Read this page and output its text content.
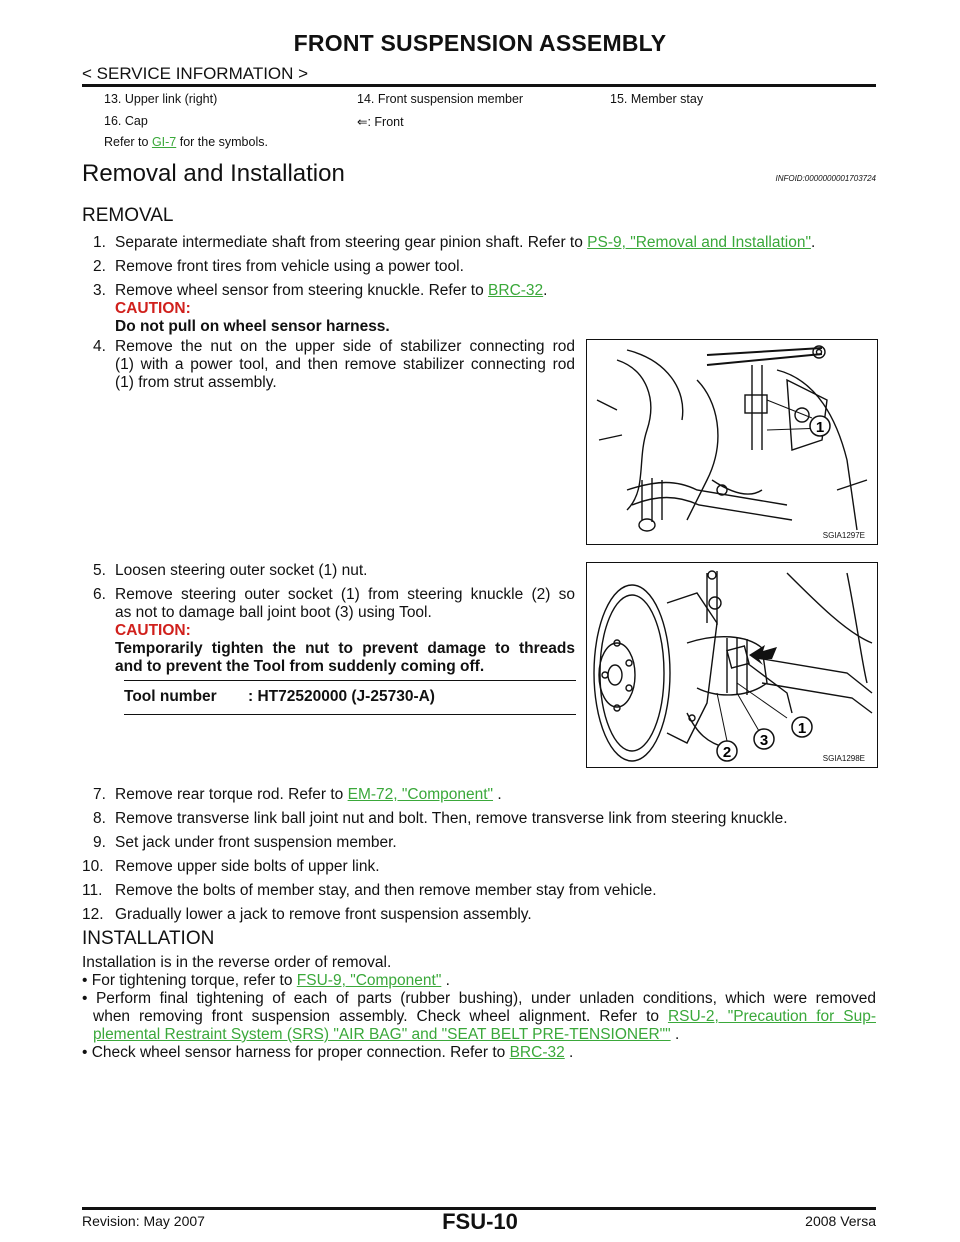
FRONT SUSPENSION ASSEMBLY
< SERVICE INFORMATION >
13. Upper link (right)	14. Front suspension member	15. Member stay
16. Cap	⇐: Front
Refer to GI-7 for the symbols.
Removal and Installation	INFOID:0000000001703724
REMOVAL
1. Separate intermediate shaft from steering gear pinion shaft. Refer to PS-9, "Removal and Installation".
2. Remove front tires from vehicle using a power tool.
3. Remove wheel sensor from steering knuckle. Refer to BRC-32.
CAUTION:
Do not pull on wheel sensor harness.
4. Remove the nut on the upper side of stabilizer connecting rod
(1) with a power tool, and then remove stabilizer connecting rod
(1) from strut assembly.
1
SGIA1297E
5. Loosen steering outer socket (1) nut.
6. Remove steering outer socket (1) from steering knuckle (2) so
as not to damage ball joint boot (3) using Tool.
CAUTION:
Temporarily tighten the nut to prevent damage to threads
and to prevent the Tool from suddenly coming off.
Tool number : HT72520000 (J-25730-A)
1
2
3
SGIA1298E
7. Remove rear torque rod. Refer to EM-72, "Component" .
8. Remove transverse link ball joint nut and bolt. Then, remove transverse link from steering knuckle.
9. Set jack under front suspension member.
10. Remove upper side bolts of upper link.
11. Remove the bolts of member stay, and then remove member stay from vehicle.
12. Gradually lower a jack to remove front suspension assembly.
INSTALLATION
Installation is in the reverse order of removal.
• For tightening torque, refer to FSU-9, "Component" .
• Perform final tightening of each of parts (rubber bushing), under unladen conditions, which were removed
when removing front suspension assembly. Check wheel alignment. Refer to RSU-2, "Precaution for Sup-
plemental Restraint System (SRS) "AIR BAG" and "SEAT BELT PRE-TENSIONER"" .
• Check wheel sensor harness for proper connection. Refer to BRC-32 .
Revision: May 2007	FSU-10	2008 Versa
